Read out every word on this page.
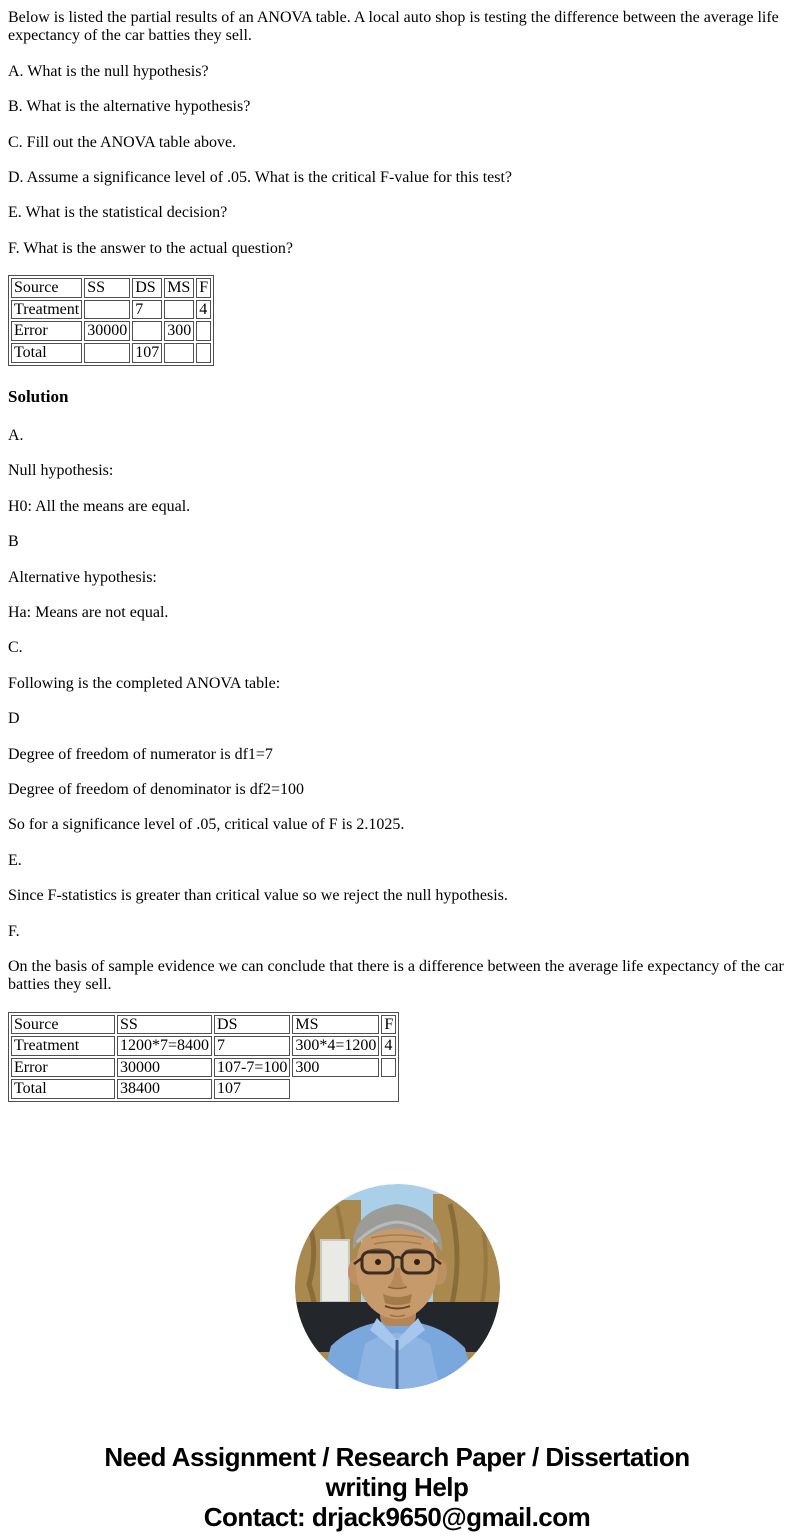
Below is listed the partial results of an ANOVA table. A local auto shop is testing the difference between the average life expectancy of the car batties they sell.

A. What is the null hypothesis?

B. What is the alternative hypothesis?

C. Fill out the ANOVA table above.

D. Assume a significance level of .05. What is the critical F-value for this test?

E. What is the statistical decision?

F. What is the answer to the actual question?

Source	SS	DS	MS	F
Treatment		7		4
Error	30000		300	
Total		107		
Solution

A.

Null hypothesis:

H0: All the means are equal.

B

Alternative hypothesis:

Ha: Means are not equal.

C.

Following is the completed ANOVA table:

D

Degree of freedom of numerator is df1=7

Degree of freedom of denominator is df2=100

So for a significance level of .05, critical value of F is 2.1025.

E.

Since F-statistics is greater than critical value so we reject the null hypothesis.

F.

On the basis of sample evidence we can conclude that there is a difference between the average life expectancy of the car batties they sell.

Source	SS	DS	MS	F
Treatment	1200*7=8400	7	300*4=1200	4
Error	30000	107-7=100	300	
Total	38400	107		
Need Assignment / Research Paper / Dissertation
writing Help
Contact: drjack9650@gmail.com
